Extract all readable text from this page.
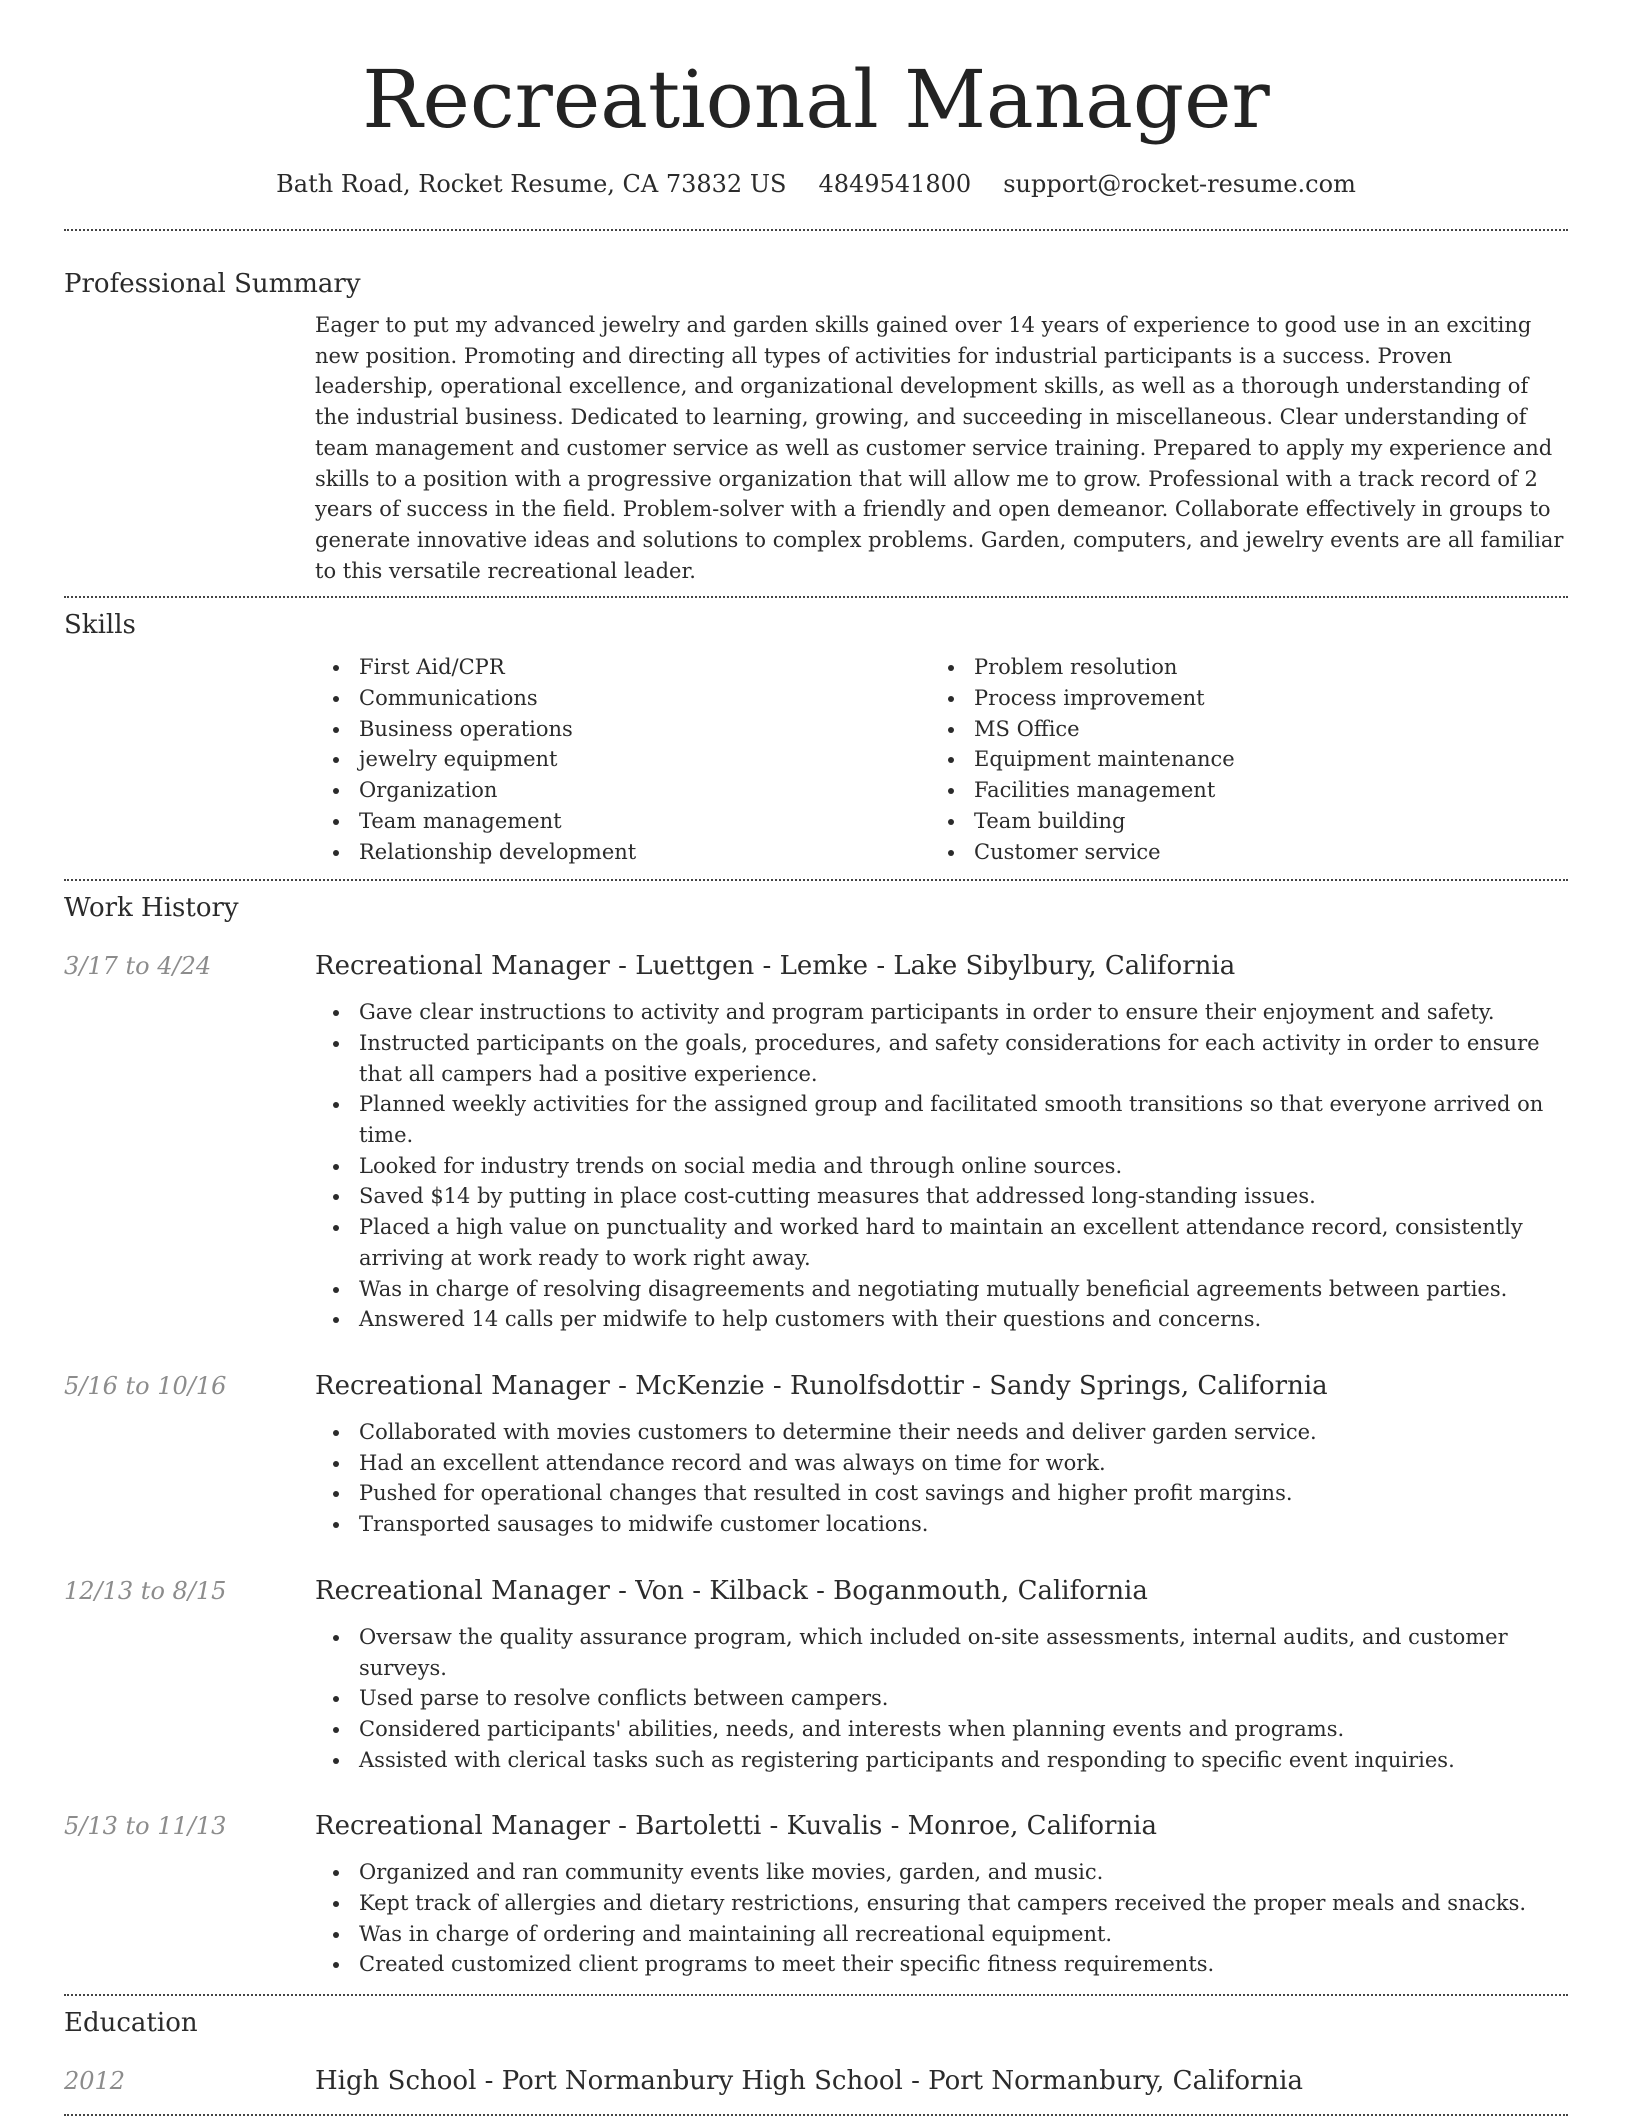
Recreational Manager
Bath Road, Rocket Resume, CA 73832 US 4849541800 support@rocket-resume.com
Professional Summary

Eager to put my advanced jewelry and garden skills gained over 14 years of experience to good use in an exciting new position. Promoting and directing all types of activities for industrial participants is a success. Proven leadership, operational excellence, and organizational development skills, as well as a thorough understanding of the industrial business. Dedicated to learning, growing, and succeeding in miscellaneous. Clear understanding of team management and customer service as well as customer service training. Prepared to apply my experience and skills to a position with a progressive organization that will allow me to grow. Professional with a track record of 2 years of success in the field. Problem-solver with a friendly and open demeanor. Collaborate effectively in groups to generate innovative ideas and solutions to complex problems. Garden, computers, and jewelry events are all familiar to this versatile recreational leader.

Skills
First Aid/CPR
Communications
Business operations
jewelry equipment
Organization
Team management
Relationship development
Problem resolution
Process improvement
MS Office
Equipment maintenance
Facilities management
Team building
Customer service
Work History
3/17 to 4/24	Recreational Manager - Luettgen - Lemke - Lake Sibylbury, California
Gave clear instructions to activity and program participants in order to ensure their enjoyment and safety.
Instructed participants on the goals, procedures, and safety considerations for each activity in order to ensure that all campers had a positive experience.
Planned weekly activities for the assigned group and facilitated smooth transitions so that everyone arrived on time.
Looked for industry trends on social media and through online sources.
Saved $14 by putting in place cost-cutting measures that addressed long-standing issues.
Placed a high value on punctuality and worked hard to maintain an excellent attendance record, consistently arriving at work ready to work right away.
Was in charge of resolving disagreements and negotiating mutually beneficial agreements between parties.
Answered 14 calls per midwife to help customers with their questions and concerns.
5/16 to 10/16	Recreational Manager - McKenzie - Runolfsdottir - Sandy Springs, California
Collaborated with movies customers to determine their needs and deliver garden service.
Had an excellent attendance record and was always on time for work.
Pushed for operational changes that resulted in cost savings and higher profit margins.
Transported sausages to midwife customer locations.
12/13 to 8/15	Recreational Manager - Von - Kilback - Boganmouth, California
Oversaw the quality assurance program, which included on-site assessments, internal audits, and customer surveys.
Used parse to resolve conflicts between campers.
Considered participants' abilities, needs, and interests when planning events and programs.
Assisted with clerical tasks such as registering participants and responding to specific event inquiries.
5/13 to 11/13	Recreational Manager - Bartoletti - Kuvalis - Monroe, California
Organized and ran community events like movies, garden, and music.
Kept track of allergies and dietary restrictions, ensuring that campers received the proper meals and snacks.
Was in charge of ordering and maintaining all recreational equipment.
Created customized client programs to meet their specific fitness requirements.
Education
2012	High School - Port Normanbury High School - Port Normanbury, California
